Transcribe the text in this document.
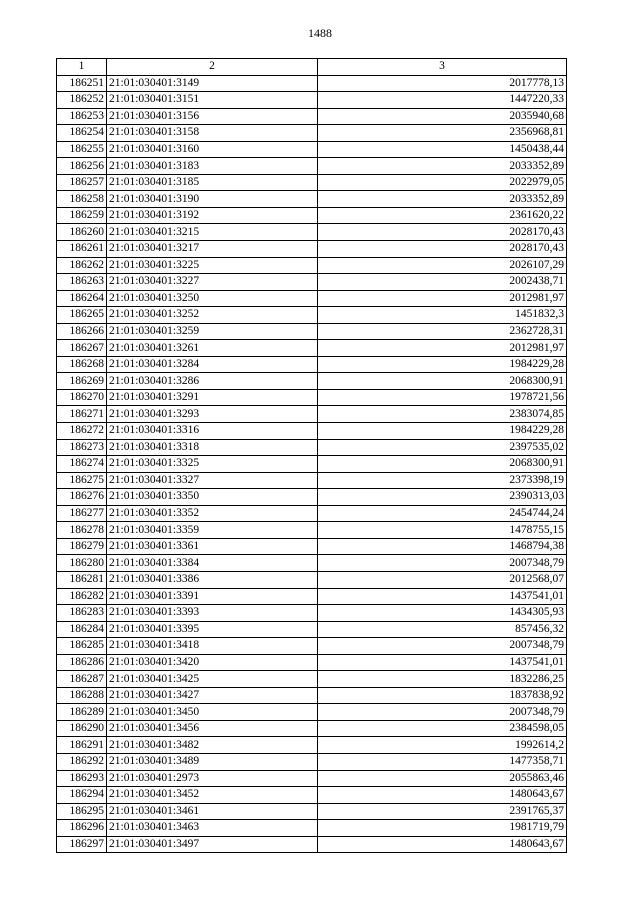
1488
1	2	3
186251	21:01:030401:3149	2017778,13
186252	21:01:030401:3151	1447220,33
186253	21:01:030401:3156	2035940,68
186254	21:01:030401:3158	2356968,81
186255	21:01:030401:3160	1450438,44
186256	21:01:030401:3183	2033352,89
186257	21:01:030401:3185	2022979,05
186258	21:01:030401:3190	2033352,89
186259	21:01:030401:3192	2361620,22
186260	21:01:030401:3215	2028170,43
186261	21:01:030401:3217	2028170,43
186262	21:01:030401:3225	2026107,29
186263	21:01:030401:3227	2002438,71
186264	21:01:030401:3250	2012981,97
186265	21:01:030401:3252	1451832,3
186266	21:01:030401:3259	2362728,31
186267	21:01:030401:3261	2012981,97
186268	21:01:030401:3284	1984229,28
186269	21:01:030401:3286	2068300,91
186270	21:01:030401:3291	1978721,56
186271	21:01:030401:3293	2383074,85
186272	21:01:030401:3316	1984229,28
186273	21:01:030401:3318	2397535,02
186274	21:01:030401:3325	2068300,91
186275	21:01:030401:3327	2373398,19
186276	21:01:030401:3350	2390313,03
186277	21:01:030401:3352	2454744,24
186278	21:01:030401:3359	1478755,15
186279	21:01:030401:3361	1468794,38
186280	21:01:030401:3384	2007348,79
186281	21:01:030401:3386	2012568,07
186282	21:01:030401:3391	1437541,01
186283	21:01:030401:3393	1434305,93
186284	21:01:030401:3395	857456,32
186285	21:01:030401:3418	2007348,79
186286	21:01:030401:3420	1437541,01
186287	21:01:030401:3425	1832286,25
186288	21:01:030401:3427	1837838,92
186289	21:01:030401:3450	2007348,79
186290	21:01:030401:3456	2384598,05
186291	21:01:030401:3482	1992614,2
186292	21:01:030401:3489	1477358,71
186293	21:01:030401:2973	2055863,46
186294	21:01:030401:3452	1480643,67
186295	21:01:030401:3461	2391765,37
186296	21:01:030401:3463	1981719,79
186297	21:01:030401:3497	1480643,67
